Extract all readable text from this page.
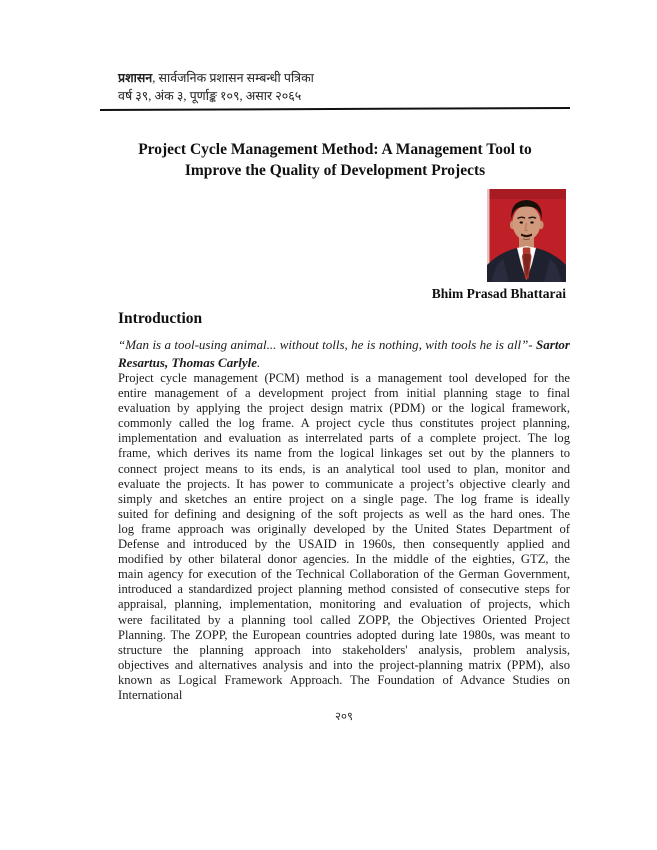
प्रशासन, सार्वजनिक प्रशासन सम्बन्धी पत्रिका
वर्ष ३९, अंक ३, पूर्णाङ्क १०९, असार २०६५
Project Cycle Management Method: A Management Tool to
Improve the Quality of Development Projects
Bhim Prasad Bhattarai
Introduction
“Man is a tool-using animal... without tolls, he is nothing, with tools he is all”- Sartor Resartus, Thomas Carlyle.
Project cycle management (PCM) method is a management tool developed for the entire management of a development project from initial planning stage to final evaluation by applying the project design matrix (PDM) or the logical framework, commonly called the log frame. A project cycle thus constitutes project planning, implementation and evaluation as interrelated parts of a complete project. The log frame, which derives its name from the logical linkages set out by the planners to connect project means to its ends, is an analytical tool used to plan, monitor and evaluate the projects. It has power to communicate a project’s objective clearly and simply and sketches an entire project on a single page. The log frame is ideally suited for defining and designing of the soft projects as well as the hard ones. The log frame approach was originally developed by the United States Department of Defense and introduced by the USAID in 1960s, then consequently applied and modified by other bilateral donor agencies. In the middle of the eighties, GTZ, the main agency for execution of the Technical Collaboration of the German Government, introduced a standardized project planning method consisted of consecutive steps for appraisal, planning, implementation, monitoring and evaluation of projects, which were facilitated by a planning tool called ZOPP, the Objectives Oriented Project Planning. The ZOPP, the European countries adopted during late 1980s, was meant to structure the planning approach into stakeholders' analysis, problem analysis, objectives and alternatives analysis and into the project-planning matrix (PPM), also known as Logical Framework Approach. The Foundation of Advance Studies on International
२०९
